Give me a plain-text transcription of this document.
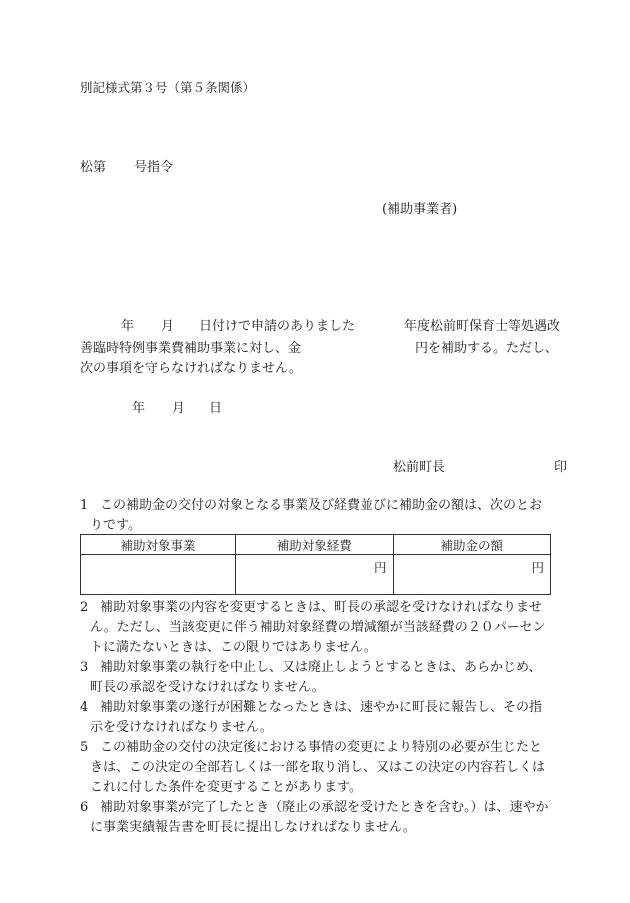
別記様式第３号（第５条関係）
松第 号指令
(補助事業者)
年 月 日付けで申請のありました	年度松前町保育士等処遇改
善臨時特例事業費補助事業に対し、金	円を補助する。ただし、
次の事項を守らなければなりません。
年 月 日
松前町長	印
1 この補助金の交付の対象となる事業及び経費並びに補助金の額は、次のとお
りです。
補助対象事業	補助対象経費	補助金の額
	円	円
2 補助対象事業の内容を変更するときは、町長の承認を受けなければなりませ
ん。ただし、当該変更に伴う補助対象経費の増減額が当該経費の２０パーセン
トに満たないときは、この限りではありません。
3 補助対象事業の執行を中止し、又は廃止しようとするときは、あらかじめ、
町長の承認を受けなければなりません。
4 補助対象事業の遂行が困難となったときは、速やかに町長に報告し、その指
示を受けなければなりません。
5 この補助金の交付の決定後における事情の変更により特別の必要が生じたと
きは、この決定の全部若しくは一部を取り消し、又はこの決定の内容若しくは
これに付した条件を変更することがあります。
6 補助対象事業が完了したとき（廃止の承認を受けたときを含む。）は、速やか
に事業実績報告書を町長に提出しなければなりません。
